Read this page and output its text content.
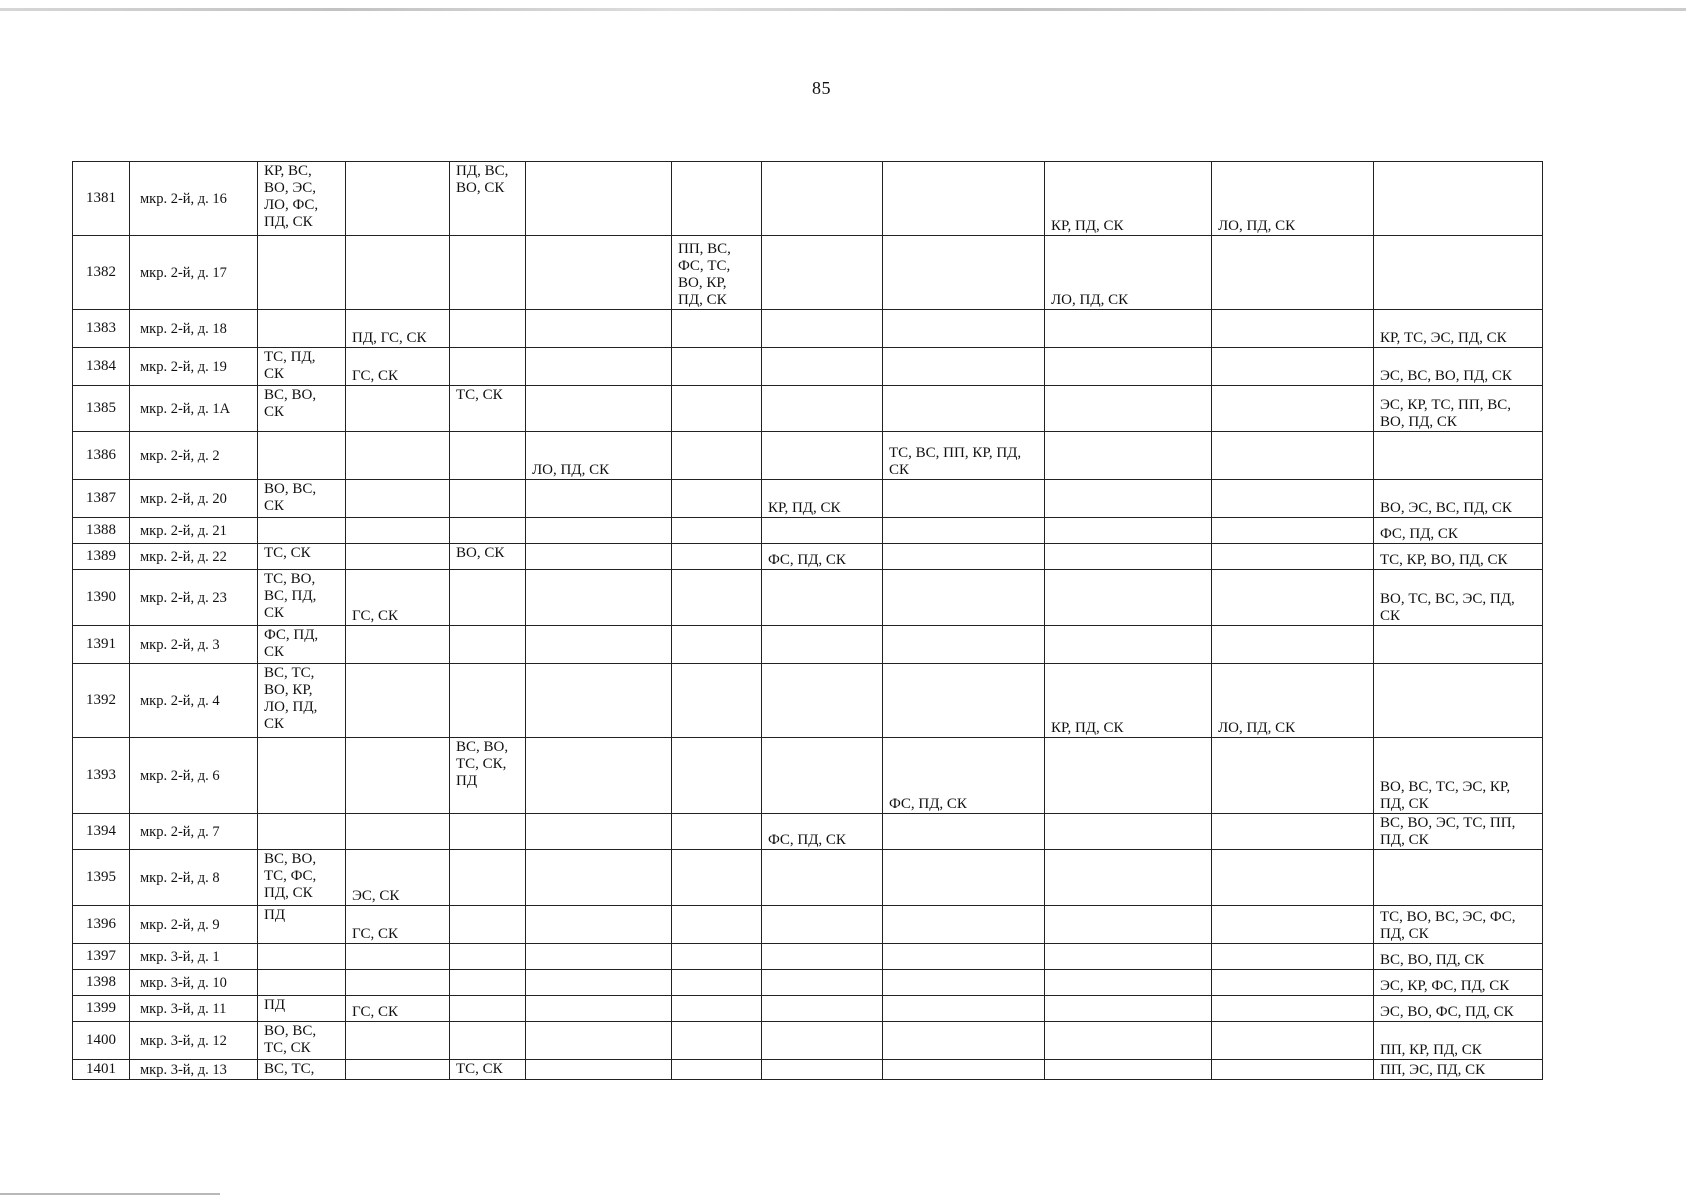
85
1381	мкр. 2-й, д. 16	КР, ВС, ВО, ЭС, ЛО, ФС, ПД, СК		ПД, ВС, ВО, СК					КР, ПД, СК	ЛО, ПД, СК	
1382	мкр. 2-й, д. 17					ПП, ВС, ФС, ТС, ВО, КР, ПД, СК			ЛО, ПД, СК		
1383	мкр. 2-й, д. 18		ПД, ГС, СК								КР, ТС, ЭС, ПД, СК
1384	мкр. 2-й, д. 19	ТС, ПД, СК	ГС, СК								ЭС, ВС, ВО, ПД, СК
1385	мкр. 2-й, д. 1А	ВС, ВО, СК		ТС, СК							ЭС, КР, ТС, ПП, ВС, ВО, ПД, СК
1386	мкр. 2-й, д. 2				ЛО, ПД, СК			ТС, ВС, ПП, КР, ПД, СК			
1387	мкр. 2-й, д. 20	ВО, ВС, СК					КР, ПД, СК				ВО, ЭС, ВС, ПД, СК
1388	мкр. 2-й, д. 21										ФС, ПД, СК
1389	мкр. 2-й, д. 22	ТС, СК		ВО, СК			ФС, ПД, СК				ТС, КР, ВО, ПД, СК
1390	мкр. 2-й, д. 23	ТС, ВО, ВС, ПД, СК	ГС, СК								ВО, ТС, ВС, ЭС, ПД, СК
1391	мкр. 2-й, д. 3	ФС, ПД, СК									
1392	мкр. 2-й, д. 4	ВС, ТС, ВО, КР, ЛО, ПД, СК							КР, ПД, СК	ЛО, ПД, СК	
1393	мкр. 2-й, д. 6			ВС, ВО, ТС, СК, ПД				ФС, ПД, СК			ВО, ВС, ТС, ЭС, КР, ПД, СК
1394	мкр. 2-й, д. 7						ФС, ПД, СК				ВС, ВО, ЭС, ТС, ПП, ПД, СК
1395	мкр. 2-й, д. 8	ВС, ВО, ТС, ФС, ПД, СК	ЭС, СК								
1396	мкр. 2-й, д. 9	ПД	ГС, СК								ТС, ВО, ВС, ЭС, ФС, ПД, СК
1397	мкр. 3-й, д. 1										ВС, ВО, ПД, СК
1398	мкр. 3-й, д. 10										ЭС, КР, ФС, ПД, СК
1399	мкр. 3-й, д. 11	ПД	ГС, СК								ЭС, ВО, ФС, ПД, СК
1400	мкр. 3-й, д. 12	ВО, ВС, ТС, СК									ПП, КР, ПД, СК
1401	мкр. 3-й, д. 13	ВС, ТС,		ТС, СК							ПП, ЭС, ПД, СК
